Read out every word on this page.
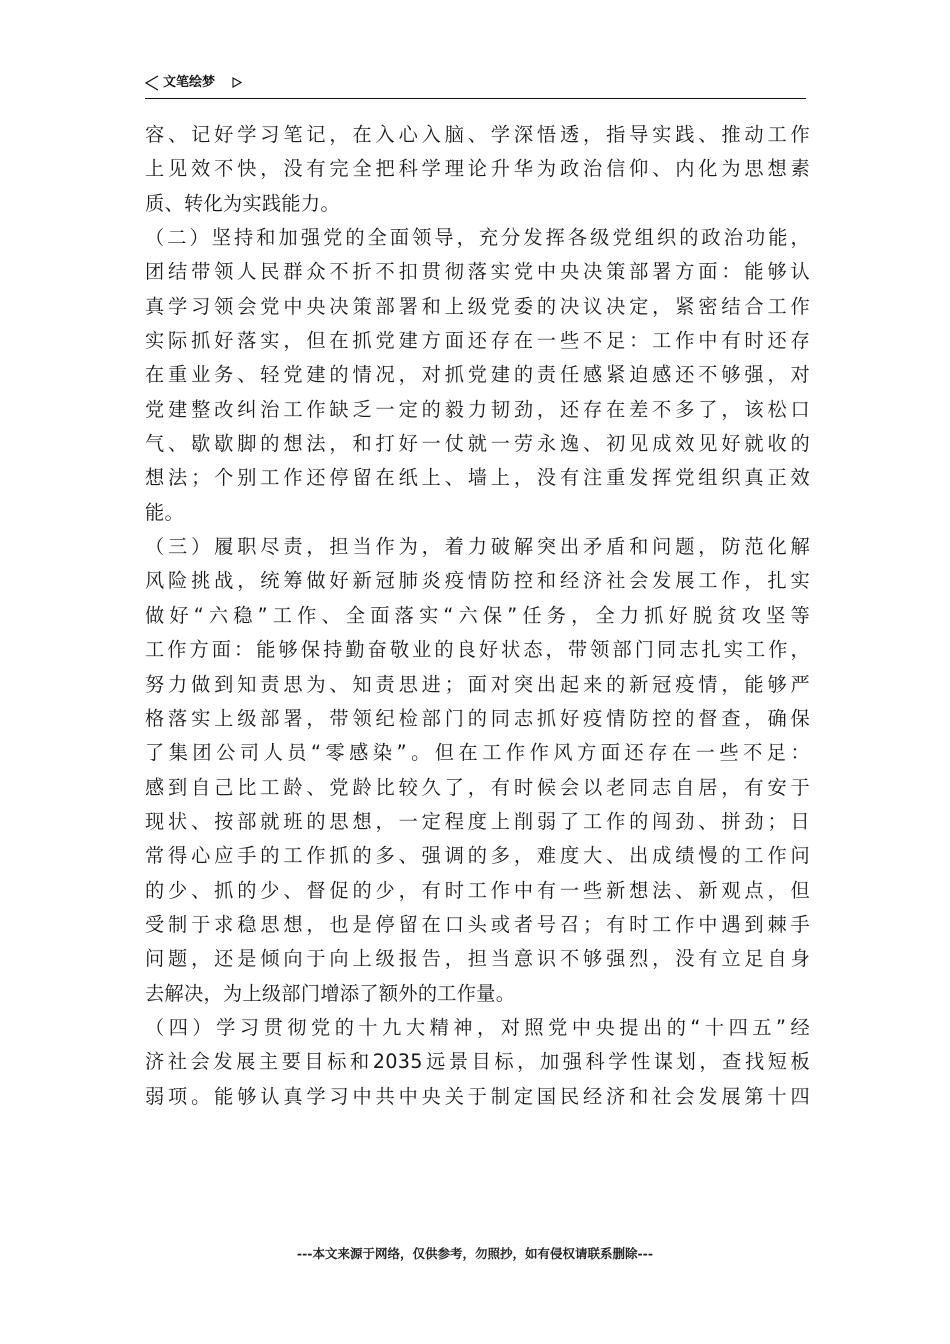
文笔绘梦
容、记好学习笔记，在入心入脑、学深悟透，指导实践、推动工作
上见效不快，没有完全把科学理论升华为政治信仰、内化为思想素
质、转化为实践能力。
（二）坚持和加强党的全面领导，充分发挥各级党组织的政治功能，
团结带领人民群众不折不扣贯彻落实党中央决策部署方面：能够认
真学习领会党中央决策部署和上级党委的决议决定，紧密结合工作
实际抓好落实，但在抓党建方面还存在一些不足：工作中有时还存
在重业务、轻党建的情况，对抓党建的责任感紧迫感还不够强，对
党建整改纠治工作缺乏一定的毅力韧劲，还存在差不多了，该松口
气、歇歇脚的想法，和打好一仗就一劳永逸、初见成效见好就收的
想法；个别工作还停留在纸上、墙上，没有注重发挥党组织真正效
能。
（三）履职尽责，担当作为，着力破解突出矛盾和问题，防范化解
风险挑战，统筹做好新冠肺炎疫情防控和经济社会发展工作，扎实
做好“六稳”工作、全面落实“六保”任务，全力抓好脱贫攻坚等
工作方面：能够保持勤奋敬业的良好状态，带领部门同志扎实工作，
努力做到知责思为、知责思进；面对突出起来的新冠疫情，能够严
格落实上级部署，带领纪检部门的同志抓好疫情防控的督查，确保
了集团公司人员“零感染”。但在工作作风方面还存在一些不足：
感到自己比工龄、党龄比较久了，有时候会以老同志自居，有安于
现状、按部就班的思想，一定程度上削弱了工作的闯劲、拼劲；日
常得心应手的工作抓的多、强调的多，难度大、出成绩慢的工作问
的少、抓的少、督促的少，有时工作中有一些新想法、新观点，但
受制于求稳思想，也是停留在口头或者号召；有时工作中遇到棘手
问题，还是倾向于向上级报告，担当意识不够强烈，没有立足自身
去解决，为上级部门增添了额外的工作量。
（四）学习贯彻党的十九大精神，对照党中央提出的“十四五”经
济社会发展主要目标和2035远景目标，加强科学性谋划，查找短板
弱项。能够认真学习中共中央关于制定国民经济和社会发展第十四
---本文来源于网络，仅供参考，勿照抄，如有侵权请联系删除---
